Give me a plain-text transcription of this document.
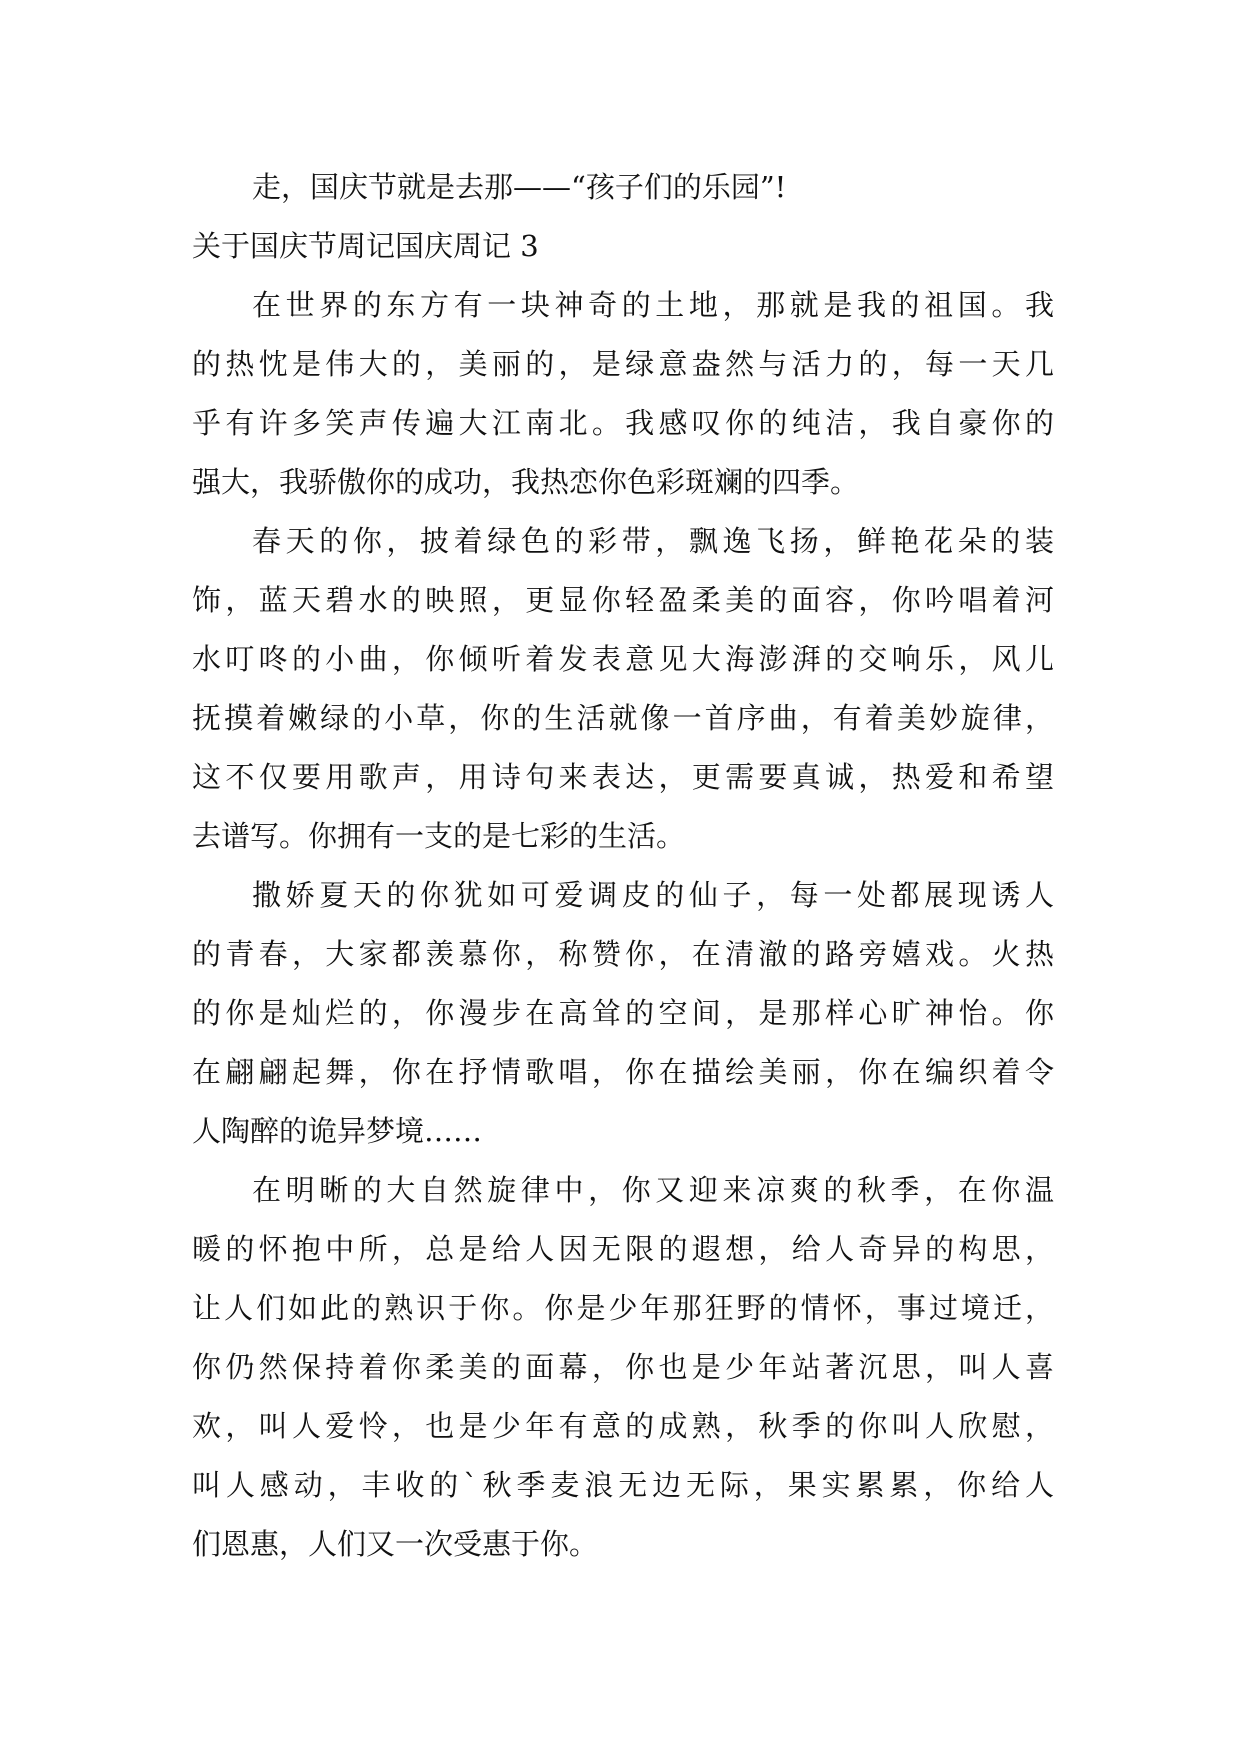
走，国庆节就是去那——“孩子们的乐园”!
关于国庆节周记国庆周记 3
在世界的东方有一块神奇的土地，那就是我的祖国。我
的热忱是伟大的，美丽的，是绿意盎然与活力的，每一天几
乎有许多笑声传遍大江南北。我感叹你的纯洁，我自豪你的
强大，我骄傲你的成功，我热恋你色彩斑斓的四季。
春天的你，披着绿色的彩带，飘逸飞扬，鲜艳花朵的装
饰，蓝天碧水的映照，更显你轻盈柔美的面容，你吟唱着河
水叮咚的小曲，你倾听着发表意见大海澎湃的交响乐，风儿
抚摸着嫩绿的小草，你的生活就像一首序曲，有着美妙旋律，
这不仅要用歌声，用诗句来表达，更需要真诚，热爱和希望
去谱写。你拥有一支的是七彩的生活。
撒娇夏天的你犹如可爱调皮的仙子，每一处都展现诱人
的青春，大家都羡慕你，称赞你，在清澈的路旁嬉戏。火热
的你是灿烂的，你漫步在高耸的空间，是那样心旷神怡。你
在翩翩起舞，你在抒情歌唱，你在描绘美丽，你在编织着令
人陶醉的诡异梦境……
在明晰的大自然旋律中，你又迎来凉爽的秋季，在你温
暖的怀抱中所，总是给人因无限的遐想，给人奇异的构思，
让人们如此的熟识于你。你是少年那狂野的情怀，事过境迁，
你仍然保持着你柔美的面幕，你也是少年站著沉思，叫人喜
欢，叫人爱怜，也是少年有意的成熟，秋季的你叫人欣慰，
叫人感动，丰收的`秋季麦浪无边无际，果实累累，你给人
们恩惠，人们又一次受惠于你。
